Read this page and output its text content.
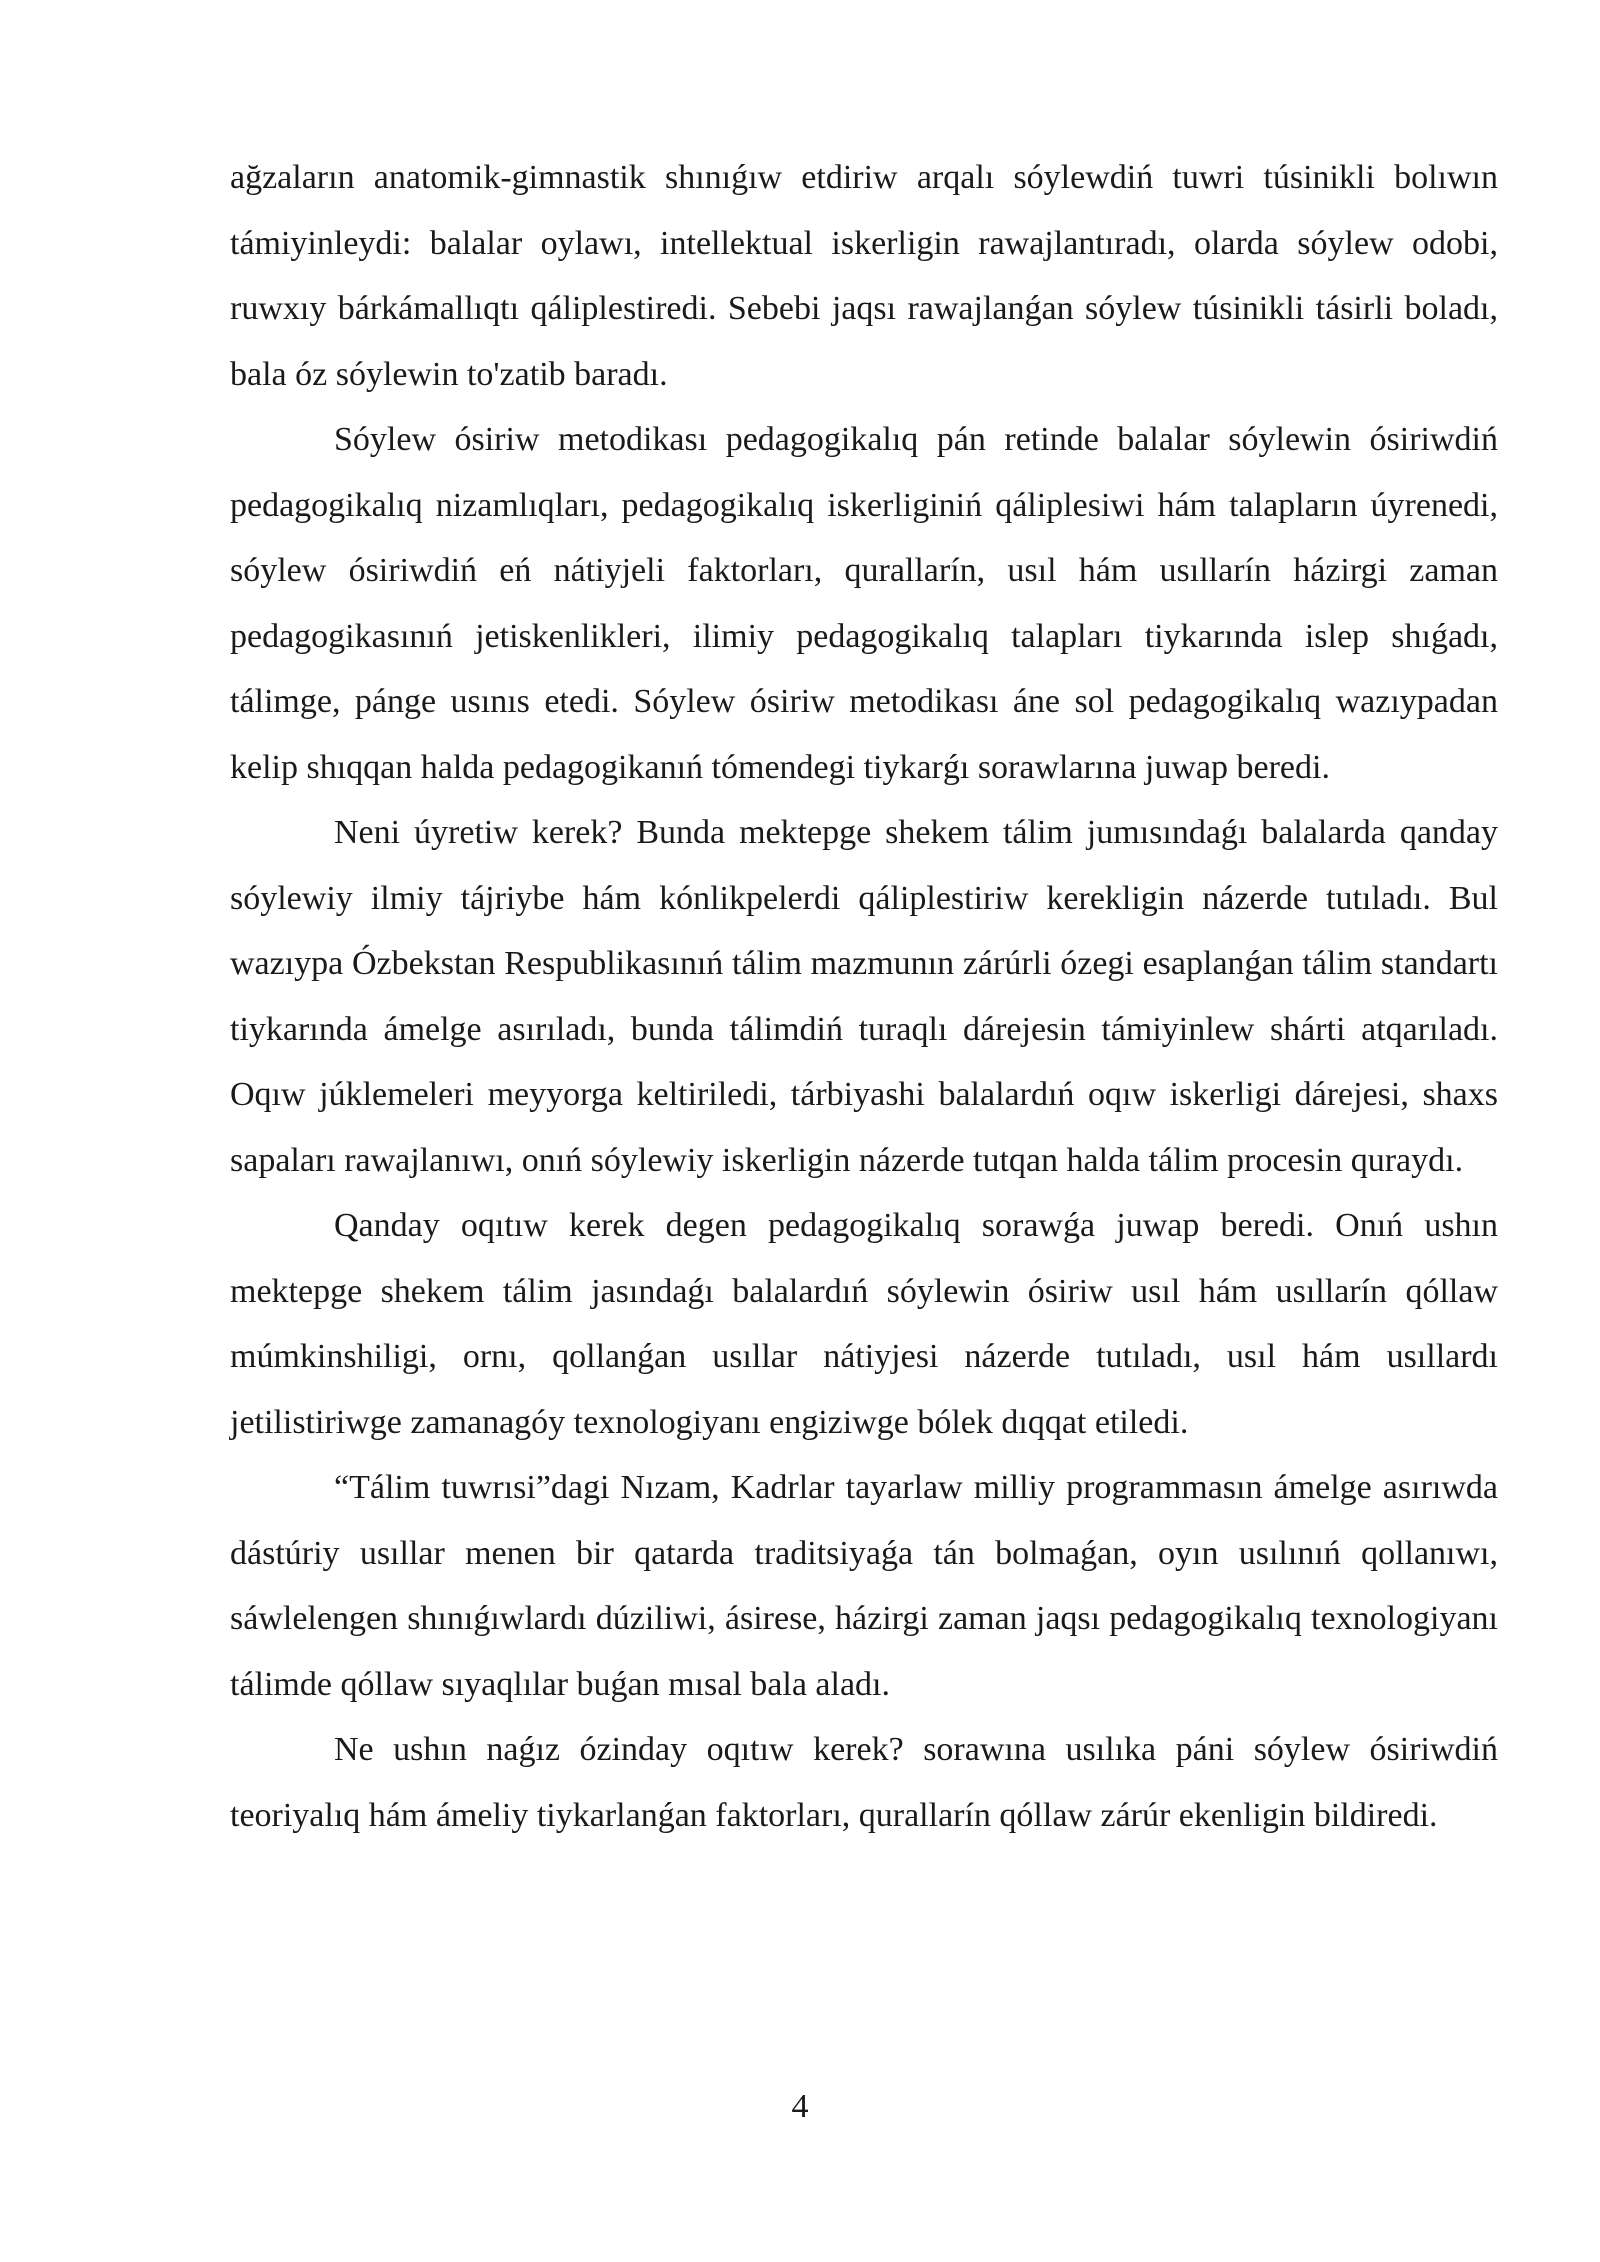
ağzaların anatomik-gimnastik shınıǵıw etdiriw arqalı sóylewdiń tuwri túsinikli bolıwın támiyinleydi: balalar oylawı, intellektual iskerligin rawajlantıradı, olarda sóylew odobi, ruwxıy bárkámallıqtı qáliplestiredi. Sebebi jaqsı rawajlanǵan sóylew túsinikli tásirli boladı, bala óz sóylewin to'zatib baradı.

Sóylew ósiriw metodikası pedagogikalıq pán retinde balalar sóylewin ósiriwdiń pedagogikalıq nizamlıqları, pedagogikalıq iskerliginiń qáliplesiwi hám talapların úyrenedi, sóylew ósiriwdiń eń nátiyjeli faktorları, qurallarín, usıl hám usıllarín házirgi zaman pedagogikasınıń jetiskenlikleri, ilimiy pedagogikalıq talapları tiykarında islep shıǵadı, tálimge, pánge usınıs etedi. Sóylew ósiriw metodikası áne sol pedagogikalıq wazıypadan kelip shıqqan halda pedagogikanıń tómendegi tiykarǵı sorawlarına juwap beredi.

Neni úyretiw kerek? Bunda mektepge shekem tálim jumısındaǵı balalarda qanday sóylewiy ilmiy tájriybe hám kónlikpelerdi qáliplestiriw kerekligin názerde tutıladı. Bul wazıypa Ózbekstan Respublikasınıń tálim mazmunın zárúrli ózegi esaplanǵan tálim standartı tiykarında ámelge asırıladı, bunda tálimdiń turaqlı dárejesin támiyinlew shárti atqarıladı. Oqıw júklemeleri meyyorga keltiriledi, tárbiyashi balalardıń oqıw iskerligi dárejesi, shaxs sapaları rawajlanıwı, onıń sóylewiy iskerligin názerde tutqan halda tálim procesin quraydı.

Qanday oqıtıw kerek degen pedagogikalıq sorawǵa juwap beredi. Onıń ushın mektepge shekem tálim jasındaǵı balalardıń sóylewin ósiriw usıl hám usıllarín qóllaw múmkinshiligi, ornı, qollanǵan usıllar nátiyjesi názerde tutıladı, usıl hám usıllardı jetilistiriwge zamanagóy texnologiyanı engiziwge bólek dıqqat etiledi.

“Tálim tuwrısi”dagi Nızam, Kadrlar tayarlaw milliy programmasın ámelge asırıwda dástúriy usıllar menen bir qatarda traditsiyaǵa tán bolmaǵan, oyın usılınıń qollanıwı, sáwlelengen shınıǵıwlardı dúziliwi, ásirese, házirgi zaman jaqsı pedagogikalıq texnologiyanı tálimde qóllaw sıyaqlılar buǵan mısal bala aladı.

Ne ushın naǵız ózinday oqıtıw kerek? sorawına usılıka páni sóylew ósiriwdiń teoriyalıq hám ámeliy tiykarlanǵan faktorları, qurallarín qóllaw zárúr ekenligin bildiredi.

4
